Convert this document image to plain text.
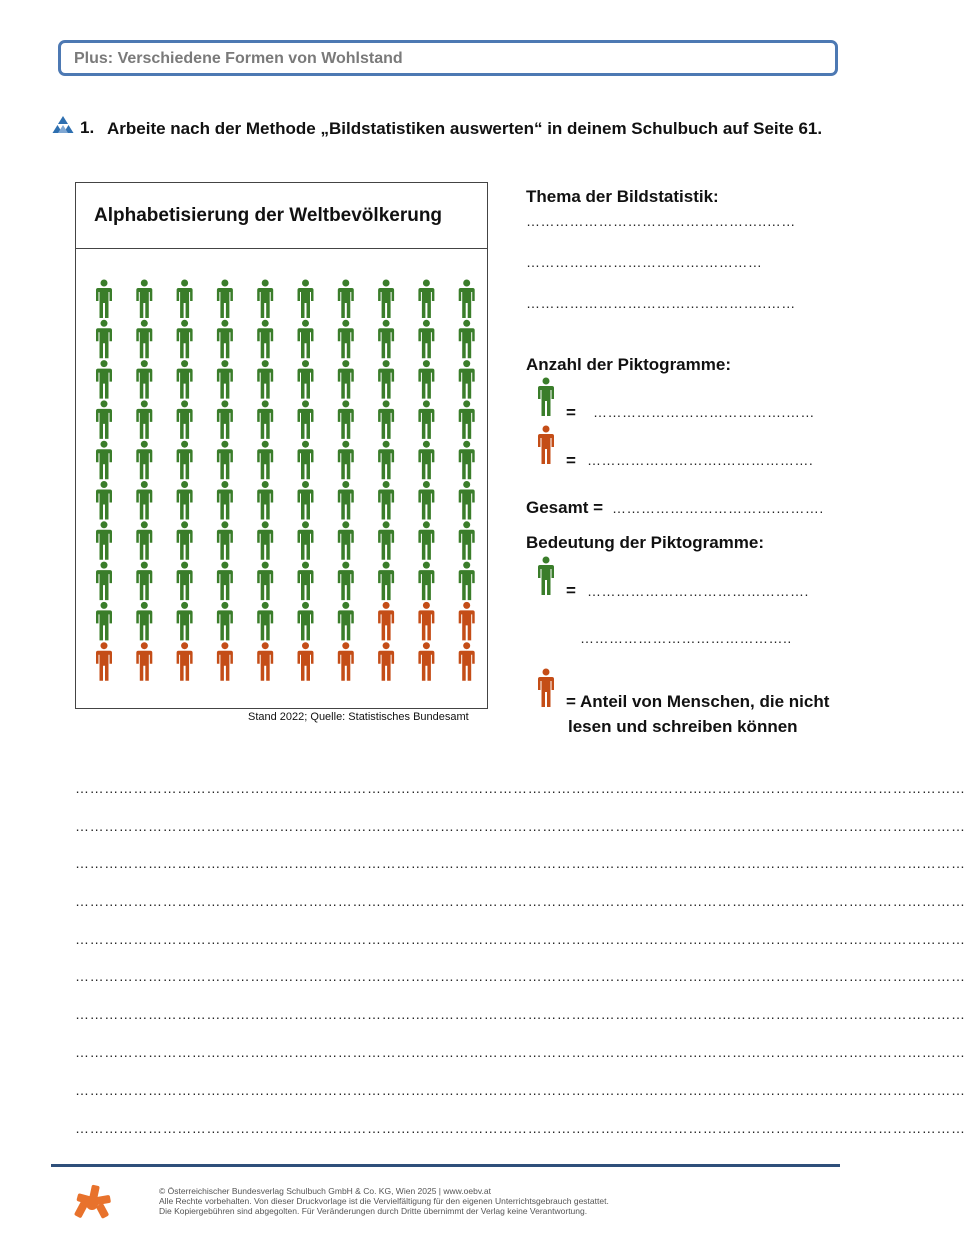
Plus: Verschiedene Formen von Wohlstand
1. Arbeite nach der Methode „Bildstatistiken auswerten“ in deinem Schulbuch auf Seite 61.
Alphabetisierung der Weltbevölkerung
Stand 2022; Quelle: Statistisches Bundesamt
Thema der Bildstatistik:
…………………………………………..……
……………………………….…………
…………………………………………..……
Anzahl der Piktogramme:
= ………………………………….……
= ……………………….……………….
Gesamt = …………………………….……….
Bedeutung der Piktogramme:
= ……………………………………….
……………………………………..
= Anteil von Menschen, die nicht
lesen und schreiben können
…………………………………………………………………………………………………………………………………………………………………
…………………………………………………………………………………………………………………………………………………………………
…………………………………………………………………………………………………………………………………………………………………
…………………………………………………………………………………………………………………………………………………………………
…………………………………………………………………………………………………………………………………………………………………
…………………………………………………………………………………………………………………………………………………………………
…………………………………………………………………………………………………………………………………………………………………
…………………………………………………………………………………………………………………………………………………………………
…………………………………………………………………………………………………………………………………………………………………
…………………………………………………………………………………………………………………………………………………………………
© Österreichischer Bundesverlag Schulbuch GmbH & Co. KG, Wien 2025 | www.oebv.at
Alle Rechte vorbehalten. Von dieser Druckvorlage ist die Vervielfältigung für den eigenen Unterrichtsgebrauch gestattet.
Die Kopiergebühren sind abgegolten. Für Veränderungen durch Dritte übernimmt der Verlag keine Verantwortung.
